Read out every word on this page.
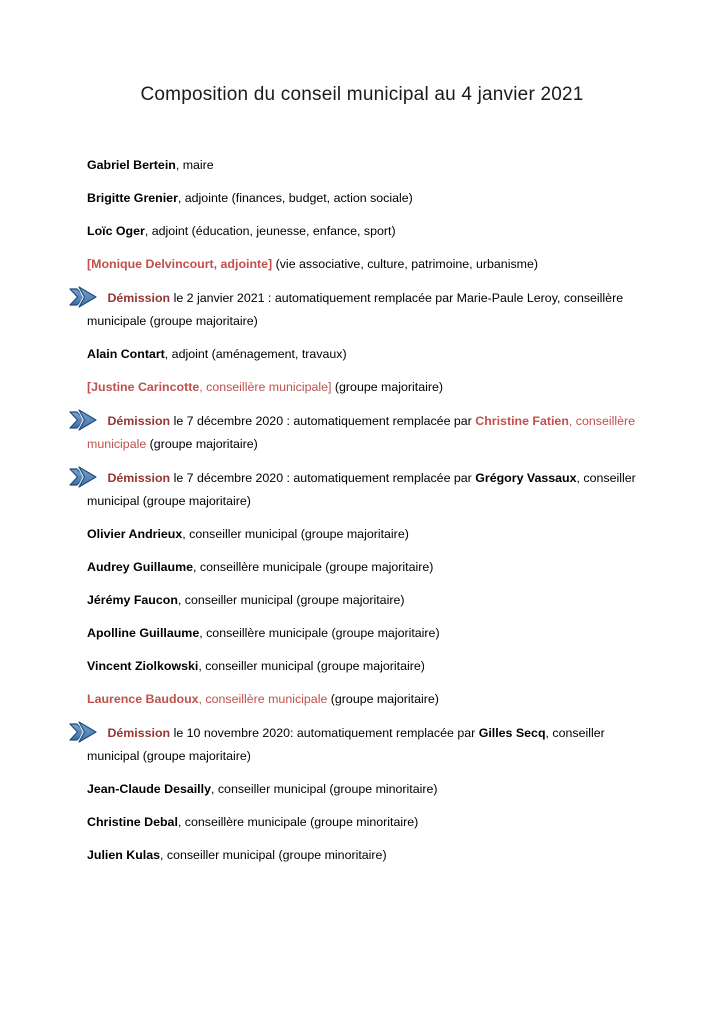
Composition du conseil municipal au 4 janvier 2021

Gabriel Bertein, maire

Brigitte Grenier, adjointe (finances, budget, action sociale)

Loïc Oger, adjoint (éducation, jeunesse, enfance, sport)

[Monique Delvincourt, adjointe] (vie associative, culture, patrimoine, urbanisme)

Démission le 2 janvier 2021 : automatiquement remplacée par Marie-Paule Leroy, conseillère municipale (groupe majoritaire)

Alain Contart, adjoint (aménagement, travaux)

[Justine Carincotte, conseillère municipale] (groupe majoritaire)

Démission le 7 décembre 2020 : automatiquement remplacée par Christine Fatien, conseillère municipale (groupe majoritaire)

Démission le 7 décembre 2020 : automatiquement remplacée par Grégory Vassaux, conseiller municipal (groupe majoritaire)

Olivier Andrieux, conseiller municipal (groupe majoritaire)

Audrey Guillaume, conseillère municipale (groupe majoritaire)

Jérémy Faucon, conseiller municipal (groupe majoritaire)

Apolline Guillaume, conseillère municipale (groupe majoritaire)

Vincent Ziolkowski, conseiller municipal (groupe majoritaire)

Laurence Baudoux, conseillère municipale (groupe majoritaire)

Démission le 10 novembre 2020: automatiquement remplacée par Gilles Secq, conseiller municipal (groupe majoritaire)

Jean-Claude Desailly, conseiller municipal (groupe minoritaire)

Christine Debal, conseillère municipale (groupe minoritaire)

Julien Kulas, conseiller municipal (groupe minoritaire)
